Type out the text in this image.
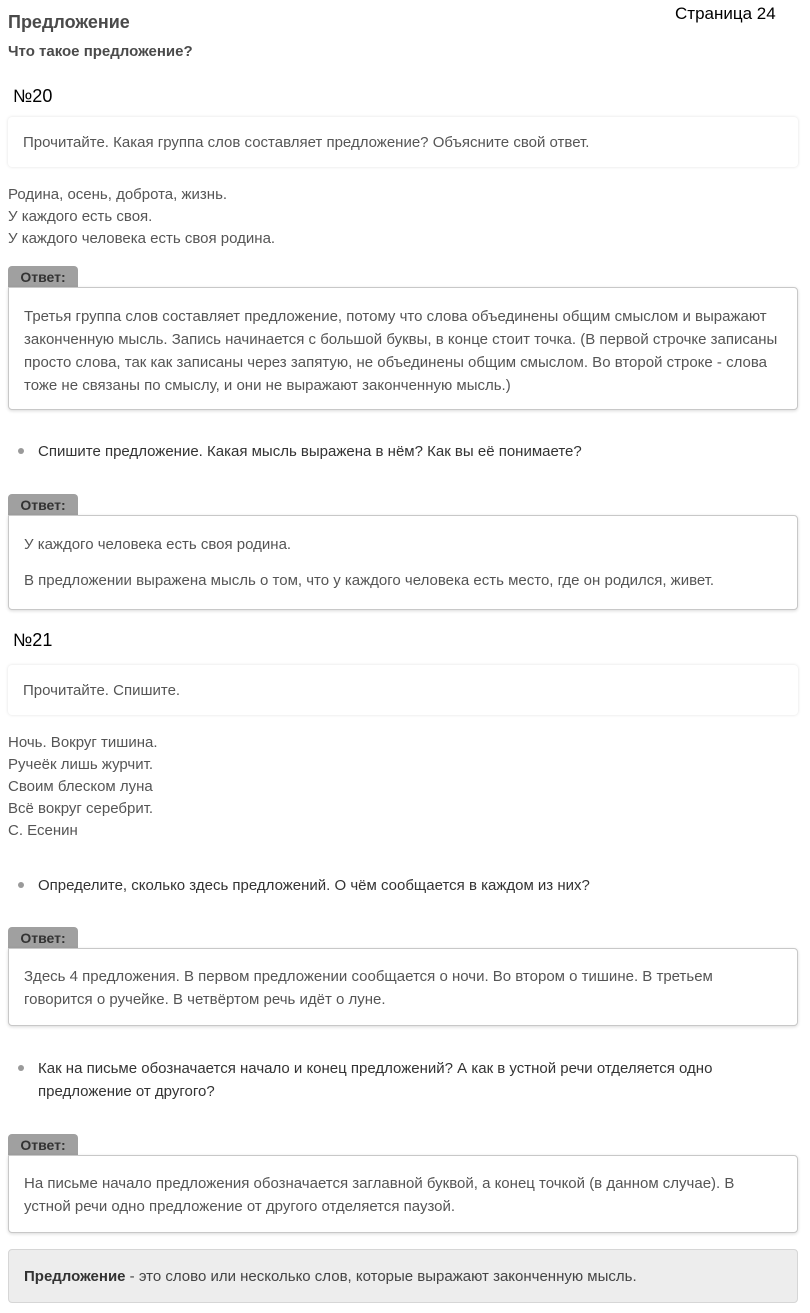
Предложение
Что такое предложение?
Страница 24
№20
Прочитайте. Какая группа слов составляет предложение? Объясните свой ответ.
Родина, осень, доброта, жизнь.
У каждого есть своя.
У каждого человека есть своя родина.
Ответ:

Третья группа слов составляет предложение, потому что слова объединены общим смыслом и выражают законченную мысль. Запись начинается с большой буквы, в конце стоит точка. (В первой строчке записаны просто слова, так как записаны через запятую, не объединены общим смыслом. Во второй строке - слова тоже не связаны по смыслу, и они не выражают законченную мысль.)

Спишите предложение. Какая мысль выражена в нём? Как вы её понимаете?
Ответ:

У каждого человека есть своя родина.

В предложении выражена мысль о том, что у каждого человека есть место, где он родился, живет.

№21
Прочитайте. Спишите.
Ночь. Вокруг тишина.
Ручеёк лишь журчит.
Своим блеском луна
Всё вокруг серебрит.
С. Есенин
Определите, сколько здесь предложений. О чём сообщается в каждом из них?
Ответ:

Здесь 4 предложения. В первом предложении сообщается о ночи. Во втором о тишине. В третьем говорится о ручейке. В четвёртом речь идёт о луне.

Как на письме обозначается начало и конец предложений? А как в устной речи отделяется одно предложение от другого?
Ответ:

На письме начало предложения обозначается заглавной буквой, а конец точкой (в данном случае). В устной речи одно предложение от другого отделяется паузой.

Предложение - это слово или несколько слов, которые выражают законченную мысль.
